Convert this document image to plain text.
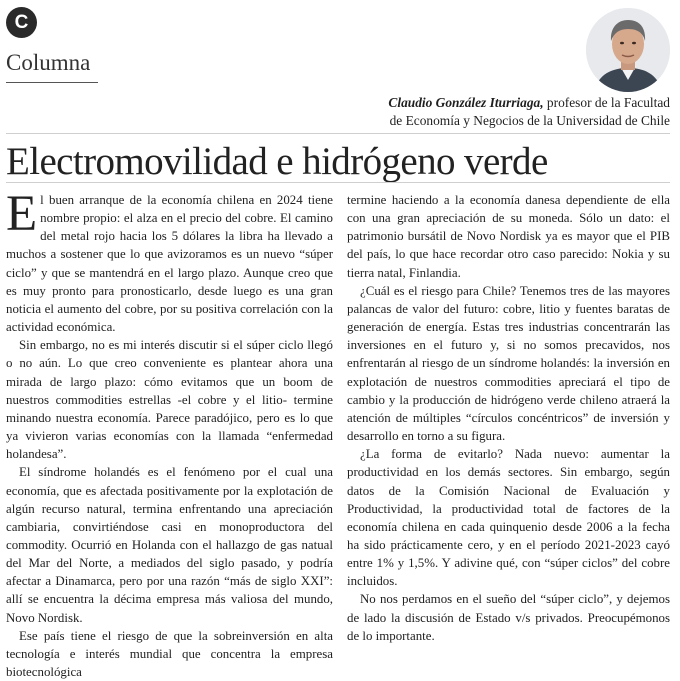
C
Columna
Claudio González Iturriaga, profesor de la Facultad
de Economía y Negocios de la Universidad de Chile
Electromovilidad e hidrógeno verde

El buen arranque de la economía chilena en 2024 tiene nombre propio: el alza en el precio del cobre. El camino del metal rojo hacia los 5 dólares la libra ha llevado a muchos a sostener que lo que avizoramos es un nuevo “súper ciclo” y que se mantendrá en el largo plazo. Aunque creo que es muy pronto para pronosticarlo, desde luego es una gran noticia el aumento del cobre, por su positiva correlación con la actividad económica.

Sin embargo, no es mi interés discutir si el súper ciclo llegó o no aún. Lo que creo conveniente es plantear ahora una mirada de largo plazo: cómo evitamos que un boom de nuestros commodities estrellas -el cobre y el litio- termine minando nuestra economía. Parece paradójico, pero es lo que ya vivieron varias economías con la llamada “enfermedad holandesa”.

El síndrome holandés es el fenómeno por el cual una economía, que es afectada positivamente por la explotación de algún recurso natural, termina enfrentando una apreciación cambiaria, convirtiéndose casi en monoproductora del commodity. Ocurrió en Holanda con el hallazgo de gas natual del Mar del Norte, a mediados del siglo pasado, y podría afectar a Dinamarca, pero por una razón “más de siglo XXI”: allí se encuentra la décima empresa más valiosa del mundo, Novo Nordisk.

Ese país tiene el riesgo de que la sobreinversión en alta tecnología e interés mundial que concentra la empresa biotecnológica

termine haciendo a la economía danesa dependiente de ella con una gran apreciación de su moneda. Sólo un dato: el patrimonio bursátil de Novo Nordisk ya es mayor que el PIB del país, lo que hace recordar otro caso parecido: Nokia y su tierra natal, Finlandia.

¿Cuál es el riesgo para Chile? Tenemos tres de las mayores palancas de valor del futuro: cobre, litio y fuentes baratas de generación de energía. Estas tres industrias concentrarán las inversiones en el futuro y, si no somos precavidos, nos enfrentarán al riesgo de un síndrome holandés: la inversión en explotación de nuestros commodities apreciará el tipo de cambio y la producción de hidrógeno verde chileno atraerá la atención de múltiples “círculos concéntricos” de inversión y desarrollo en torno a su figura.

¿La forma de evitarlo? Nada nuevo: aumentar la productividad en los demás sectores. Sin embargo, según datos de la Comisión Nacional de Evaluación y Productividad, la productividad total de factores de la economía chilena en cada quinquenio desde 2006 a la fecha ha sido prácticamente cero, y en el período 2021-2023 cayó entre 1% y 1,5%. Y adivine qué, con “súper ciclos” del cobre incluidos.

No nos perdamos en el sueño del “súper ciclo”, y dejemos de lado la discusión de Estado v/s privados. Preocupémonos de lo importante.
